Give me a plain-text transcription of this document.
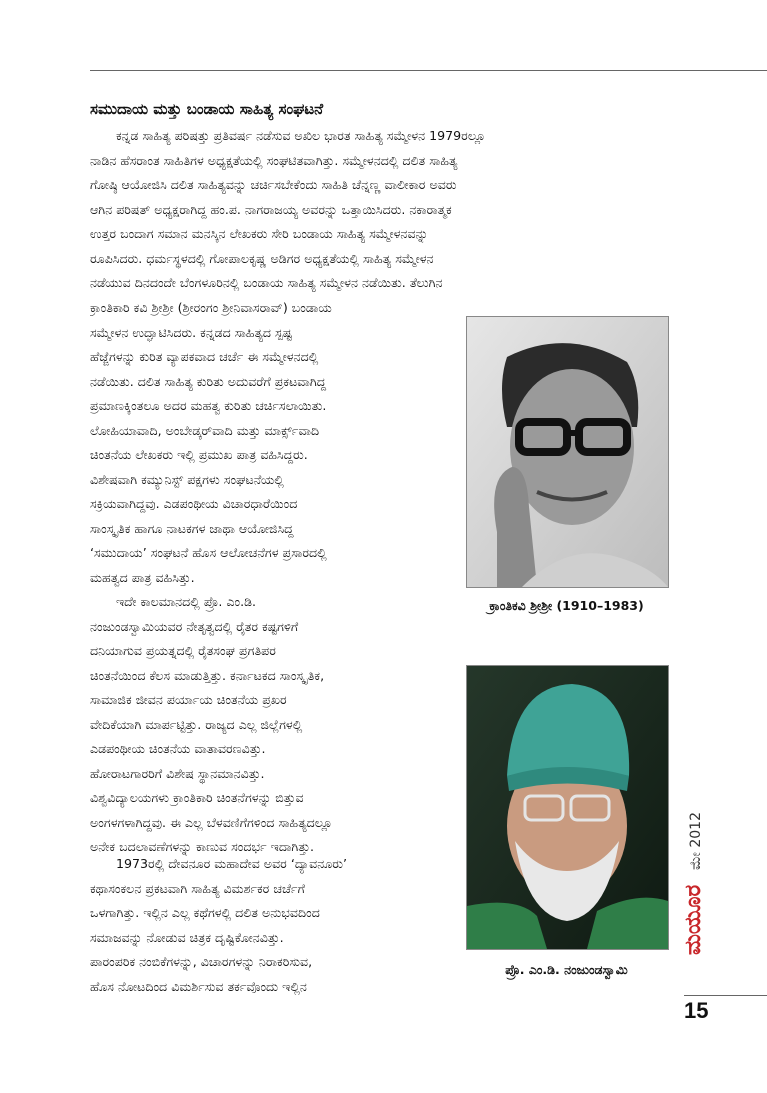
ಸಮುದಾಯ ಮತ್ತು ಬಂಡಾಯ ಸಾಹಿತ್ಯ ಸಂಘಟನೆ
ಕನ್ನಡ ಸಾಹಿತ್ಯ ಪರಿಷತ್ತು ಪ್ರತಿವರ್ಷ ನಡೆಸುವ ಅಖಿಲ ಭಾರತ ಸಾಹಿತ್ಯ ಸಮ್ಮೇಳನ 1979ರಲ್ಲೂ
ನಾಡಿನ ಹೆಸರಾಂತ ಸಾಹಿತಿಗಳ ಅಧ್ಯಕ್ಷತೆಯಲ್ಲಿ ಸಂಘಟಿತವಾಗಿತ್ತು. ಸಮ್ಮೇಳನದಲ್ಲಿ ದಲಿತ ಸಾಹಿತ್ಯ
ಗೋಷ್ಠಿ ಆಯೋಜಿಸಿ ದಲಿತ ಸಾಹಿತ್ಯವನ್ನು ಚರ್ಚಿಸಬೇಕೆಂದು ಸಾಹಿತಿ ಚೆನ್ನಣ್ಣ ವಾಲೀಕಾರ ಅವರು
ಆಗಿನ ಪರಿಷತ್ ಅಧ್ಯಕ್ಷರಾಗಿದ್ದ ಹಂ.ಪ. ನಾಗರಾಜಯ್ಯ ಅವರನ್ನು ಒತ್ತಾಯಿಸಿದರು. ನಕಾರಾತ್ಮಕ
ಉತ್ತರ ಬಂದಾಗ ಸಮಾನ ಮನಸ್ಕಿನ ಲೇಖಕರು ಸೇರಿ ಬಂಡಾಯ ಸಾಹಿತ್ಯ ಸಮ್ಮೇಳನವನ್ನು
ರೂಪಿಸಿದರು. ಧರ್ಮಸ್ಥಳದಲ್ಲಿ ಗೋಪಾಲಕೃಷ್ಣ ಅಡಿಗರ ಅಧ್ಯಕ್ಷತೆಯಲ್ಲಿ ಸಾಹಿತ್ಯ ಸಮ್ಮೇಳನ
ನಡೆಯುವ ದಿನದಂದೇ ಬೆಂಗಳೂರಿನಲ್ಲಿ ಬಂಡಾಯ ಸಾಹಿತ್ಯ ಸಮ್ಮೇಳನ ನಡೆಯಿತು. ತೆಲುಗಿನ
ಕ್ರಾಂತಿಕಾರಿ ಕವಿ ಶ್ರೀಶ್ರೀ (ಶ್ರೀರಂಗಂ ಶ್ರೀನಿವಾಸರಾವ್) ಬಂಡಾಯ
ಸಮ್ಮೇಳನ ಉದ್ಘಾಟಿಸಿದರು. ಕನ್ನಡದ ಸಾಹಿತ್ಯದ ಸ್ಪಷ್ಟ
ಹೆಜ್ಜೆಗಳನ್ನು ಕುರಿತ ವ್ಯಾಪಕವಾದ ಚರ್ಚೆ ಈ ಸಮ್ಮೇಳನದಲ್ಲಿ
ನಡೆಯಿತು. ದಲಿತ ಸಾಹಿತ್ಯ ಕುರಿತು ಅದುವರೆಗೆ ಪ್ರಕಟವಾಗಿದ್ದ
ಪ್ರಮಾಣಕ್ಕಿಂತಲೂ ಅದರ ಮಹತ್ವ ಕುರಿತು ಚರ್ಚಿಸಲಾಯಿತು.
ಲೋಹಿಯಾವಾದಿ, ಅಂಬೇಡ್ಕರ್‌ವಾದಿ ಮತ್ತು ಮಾರ್ಕ್ಸ್‌ವಾದಿ
ಚಿಂತನೆಯ ಲೇಖಕರು ಇಲ್ಲಿ ಪ್ರಮುಖ ಪಾತ್ರ ವಹಿಸಿದ್ದರು.
ವಿಶೇಷವಾಗಿ ಕಮ್ಯುನಿಸ್ಟ್ ಪಕ್ಷಗಳು ಸಂಘಟನೆಯಲ್ಲಿ
ಸಕ್ರಿಯವಾಗಿದ್ದವು. ಎಡಪಂಥೀಯ ವಿಚಾರಧಾರೆಯಿಂದ
ಸಾಂಸ್ಕೃತಿಕ ಹಾಗೂ ನಾಟಕಗಳ ಜಾಥಾ ಆಯೋಜಿಸಿದ್ದ
‘ಸಮುದಾಯ’ ಸಂಘಟನೆ ಹೊಸ ಆಲೋಚನೆಗಳ ಪ್ರಸಾರದಲ್ಲಿ
ಮಹತ್ವದ ಪಾತ್ರ ವಹಿಸಿತ್ತು.
ಇದೇ ಕಾಲಮಾನದಲ್ಲಿ ಪ್ರೊ. ಎಂ.ಡಿ.
ನಂಜುಂಡಸ್ವಾಮಿಯವರ ನೇತೃತ್ವದಲ್ಲಿ ರೈತರ ಕಷ್ಟಗಳಿಗೆ
ದನಿಯಾಗುವ ಪ್ರಯತ್ನದಲ್ಲಿ ರೈತಸಂಘ ಪ್ರಗತಿಪರ
ಚಿಂತನೆಯಿಂದ ಕೆಲಸ ಮಾಡುತ್ತಿತ್ತು. ಕರ್ನಾಟಕದ ಸಾಂಸ್ಕೃತಿಕ,
ಸಾಮಾಜಿಕ ಜೀವನ ಪರ್ಯಾಯ ಚಿಂತನೆಯ ಪ್ರಖರ
ವೇದಿಕೆಯಾಗಿ ಮಾರ್ಪಟ್ಟಿತ್ತು. ರಾಜ್ಯದ ಎಲ್ಲ ಜಿಲ್ಲೆಗಳಲ್ಲಿ
ಎಡಪಂಥೀಯ ಚಿಂತನೆಯ ವಾತಾವರಣವಿತ್ತು.
ಹೋರಾಟಗಾರರಿಗೆ ವಿಶೇಷ ಸ್ಥಾನಮಾನವಿತ್ತು.
ವಿಶ್ವವಿದ್ಯಾಲಯಗಳು ಕ್ರಾಂತಿಕಾರಿ ಚಿಂತನೆಗಳನ್ನು ಬಿತ್ತುವ
ಅಂಗಳಗಳಾಗಿದ್ದವು. ಈ ಎಲ್ಲ ಬೆಳವಣಿಗೆಗಳಿಂದ ಸಾಹಿತ್ಯದಲ್ಲೂ
ಅನೇಕ ಬದಲಾವಣೆಗಳನ್ನು ಕಾಣುವ ಸಂದರ್ಭ ಇದಾಗಿತ್ತು.
1973ರಲ್ಲಿ ದೇವನೂರ ಮಹಾದೇವ ಅವರ ‘ದ್ಯಾವನೂರು’
ಕಥಾಸಂಕಲನ ಪ್ರಕಟವಾಗಿ ಸಾಹಿತ್ಯ ವಿಮರ್ಶಕರ ಚರ್ಚೆಗೆ
ಒಳಗಾಗಿತ್ತು. ಇಲ್ಲಿನ ಎಲ್ಲ ಕಥೆಗಳಲ್ಲಿ ದಲಿತ ಅನುಭವದಿಂದ
ಸಮಾಜವನ್ನು ನೋಡುವ ಚಿತ್ರಕ ದೃಷ್ಟಿಕೋನವಿತ್ತು.
ಪಾರಂಪರಿಕ ನಂಬಿಕೆಗಳನ್ನು, ವಿಚಾರಗಳನ್ನು ನಿರಾಕರಿಸುವ,
ಹೊಸ ನೋಟದಿಂದ ವಿಮರ್ಶಿಸುವ ತರ್ಕವೊಂದು ಇಲ್ಲಿನ

ಕ್ರಾಂತಿಕವಿ ಶ್ರೀಶ್ರೀ (1910–1983)

ಪ್ರೊ. ಎಂ.ಡಿ. ನಂಜುಂಡಸ್ವಾಮಿ

ಮಯೂರ
ಮೇ 2012

15
